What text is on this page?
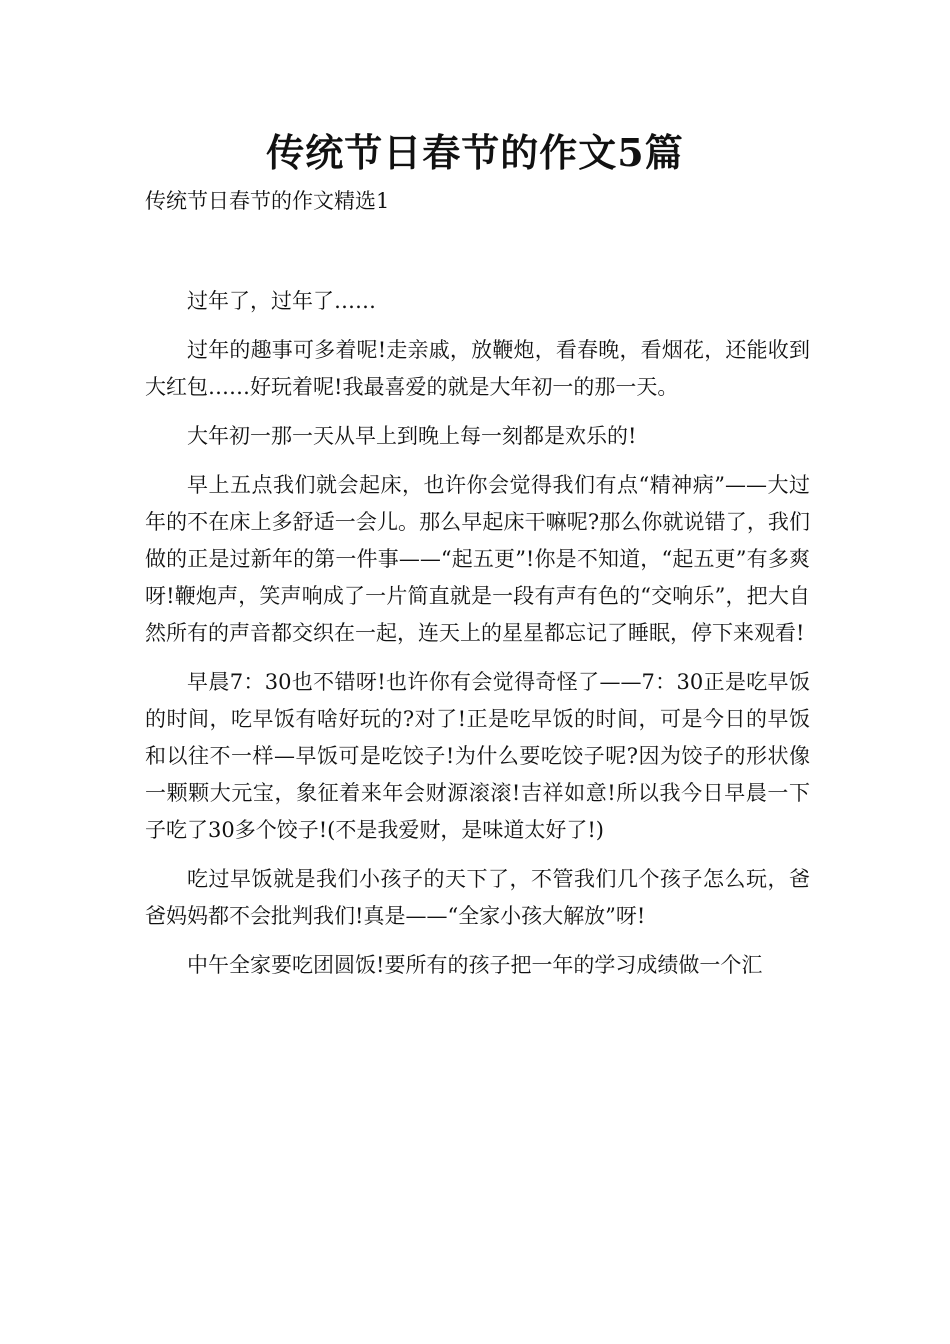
传统节日春节的作文5篇
传统节日春节的作文精选1

过年了，过年了……

过年的趣事可多着呢!走亲戚，放鞭炮，看春晚，看烟花，还能收到大红包……好玩着呢!我最喜爱的就是大年初一的那一天。

大年初一那一天从早上到晚上每一刻都是欢乐的!

早上五点我们就会起床，也许你会觉得我们有点“精神病”——大过年的不在床上多舒适一会儿。那么早起床干嘛呢?那么你就说错了，我们做的正是过新年的第一件事——“起五更”!你是不知道，“起五更”有多爽呀!鞭炮声，笑声响成了一片简直就是一段有声有色的“交响乐”，把大自然所有的声音都交织在一起，连天上的星星都忘记了睡眠，停下来观看!

早晨7：30也不错呀!也许你有会觉得奇怪了——7：30正是吃早饭的时间，吃早饭有啥好玩的?对了!正是吃早饭的时间，可是今日的早饭和以往不一样—早饭可是吃饺子!为什么要吃饺子呢?因为饺子的形状像一颗颗大元宝，象征着来年会财源滚滚!吉祥如意!所以我今日早晨一下子吃了30多个饺子!(不是我爱财，是味道太好了!)

吃过早饭就是我们小孩子的天下了，不管我们几个孩子怎么玩，爸爸妈妈都不会批判我们!真是——“全家小孩大解放”呀!

中午全家要吃团圆饭!要所有的孩子把一年的学习成绩做一个汇
